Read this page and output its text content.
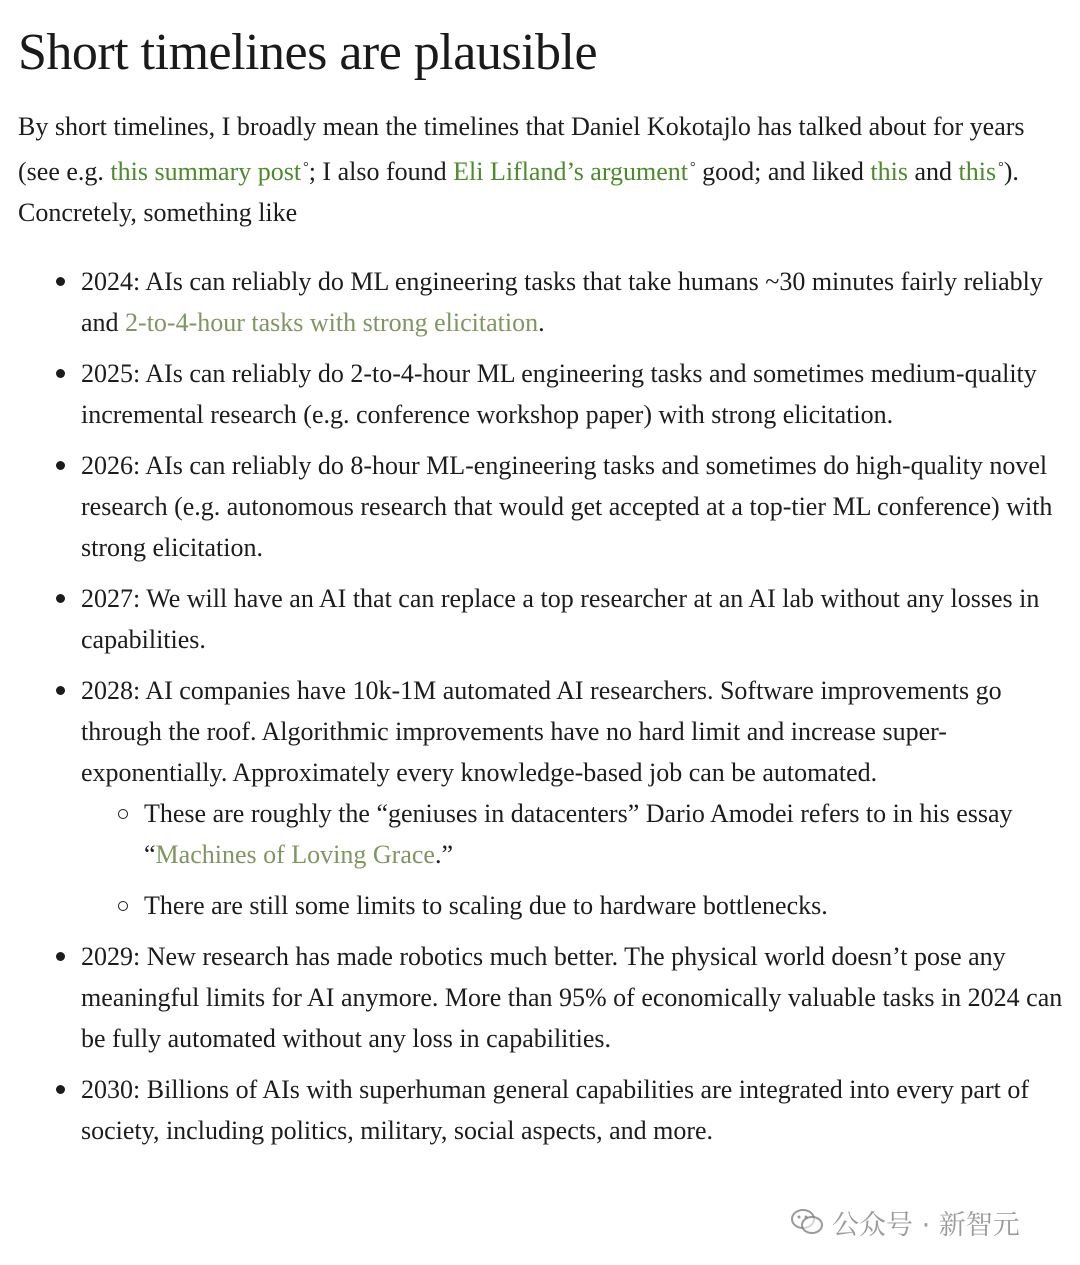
Short timelines are plausible

By short timelines, I broadly mean the timelines that Daniel Kokotajlo has talked about for years (see e.g. this summary post °; I also found Eli Lifland’s argument ° good; and liked this and this °). Concretely, something like

2024: AIs can reliably do ML engineering tasks that take humans ~30 minutes fairly reliably and 2-to-4-hour tasks with strong elicitation.
2025: AIs can reliably do 2-to-4-hour ML engineering tasks and sometimes medium-quality incremental research (e.g. conference workshop paper) with strong elicitation.
2026: AIs can reliably do 8-hour ML-engineering tasks and sometimes do high-quality novel research (e.g. autonomous research that would get accepted at a top-tier ML conference) with strong elicitation.
2027: We will have an AI that can replace a top researcher at an AI lab without any losses in capabilities.
2028: AI companies have 10k-1M automated AI researchers. Software improvements go through the roof. Algorithmic improvements have no hard limit and increase super-exponentially. Approximately every knowledge-based job can be automated.
These are roughly the “geniuses in datacenters” Dario Amodei refers to in his essay “Machines of Loving Grace.”
There are still some limits to scaling due to hardware bottlenecks.
2029: New research has made robotics much better. The physical world doesn’t pose any meaningful limits for AI anymore. More than 95% of economically valuable tasks in 2024 can be fully automated without any loss in capabilities.
2030: Billions of AIs with superhuman general capabilities are integrated into every part of society, including politics, military, social aspects, and more.
公众号 · 新智元
